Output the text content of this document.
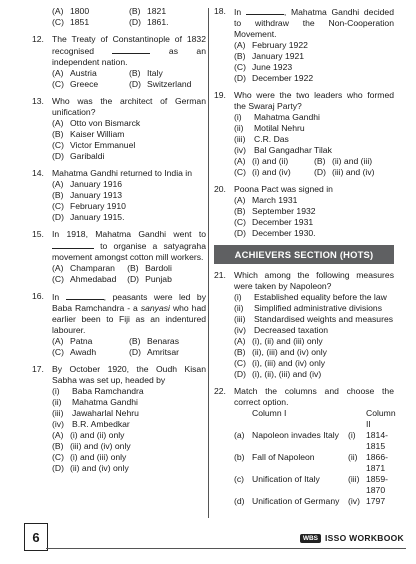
(A) 1800	(B) 1821
(C) 1851	(D) 1861.
12. The Treaty of Constantinople of 1832 recognised	as an independent nation.
(A) Austria	(B) Italy
(C) Greece	(D) Switzerland
13. Who was the architect of German unification?
(A) Otto von Bismarck
(B) Kaiser William
(C) Victor Emmanuel
(D) Garibaldi
14. Mahatma Gandhi returned to India in
(A) January 1916
(B) January 1913
(C) February 1910
(D) January 1915.
15. In 1918, Mahatma Gandhi went to  to organise a satyagraha movement amongst cotton mill workers.
(A) Champaran (B) Bardoli
(C) Ahmedabad (D) Punjab
16. In	, peasants were led by Baba Ramchandra - a sanyasi who had earlier been to Fiji as an indentured labourer.
(A) Patna	(B) Benaras
(C) Awadh	(D) Amritsar
17. By October 1920, the Oudh Kisan Sabha was set up, headed by
(i)	Baba Ramchandra
(ii)	Mahatma Gandhi
(iii) Jawaharlal Nehru
(iv) B.R. Ambedkar
(A) (i) and (ii) only
(B) (iii) and (iv) only
(C) (i) and (iii) only
(D) (ii) and (iv) only
18. In	, Mahatma Gandhi decided to withdraw the Non-Cooperation Movement.
(A) February 1922
(B) January 1921
(C) June 1923
(D) December 1922
19. Who were the two leaders who formed the Swaraj Party?
(i)	Mahatma Gandhi
(ii)	Motilal Nehru
(iii) C.R. Das
(iv) Bal Gangadhar Tilak
(A) (i) and (ii)	(B) (ii) and (iii)
(C) (i) and (iv)	(D) (iii) and (iv)
20. Poona Pact was signed in
(A) March 1931
(B) September 1932
(C) December 1931
(D) December 1930.
ACHIEVERS SECTION (HOTS)
21. Which among the following measures were taken by Napoleon?
(i)	Established equality before the law
(ii)	Simplified administrative divisions
(iii) Standardised weights and measures
(iv) Decreased taxation
(A) (i), (ii) and (iii) only
(B) (ii), (iii) and (iv) only
(C) (i), (iii) and (iv) only
(D) (i), (ii), (iii) and (iv)
22. Match the columns and choose the correct option.
Column I	Column II
(a) Napoleon invades Italy	(i)	1814-1815
(b) Fall of Napoleon	(ii) 1866-1871
(c) Unification of Italy	(iii) 1859-1870
(d) Unification of Germany (iv) 1797
6	WBS ISSO WORKBOOK
